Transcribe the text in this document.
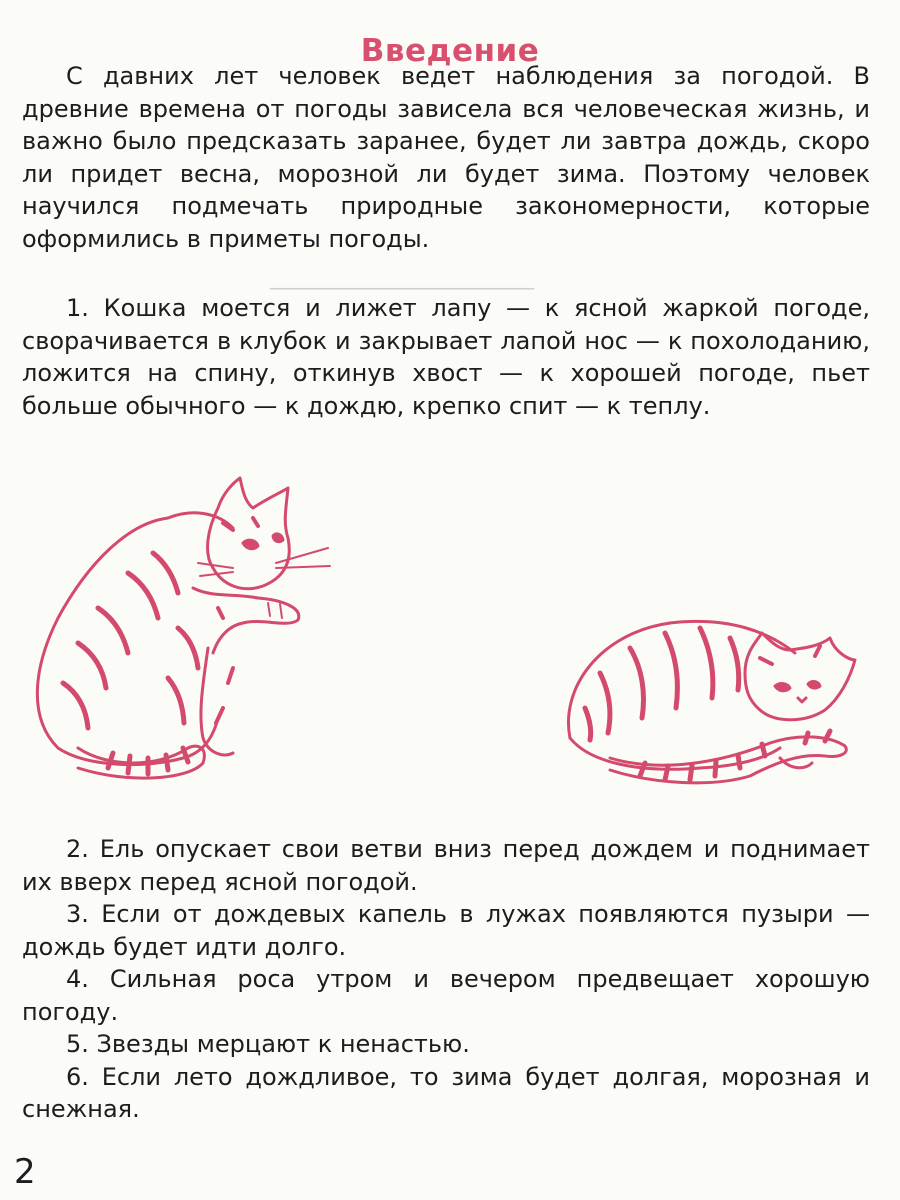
________________________
Введение

С давних лет человек ведет наблюдения за погодой. В древние времена от погоды зависела вся человеческая жизнь, и важно было предсказать заранее, будет ли завтра дождь, скоро ли придет весна, морозной ли будет зима. Поэтому человек научился подмечать природные закономерности, которые оформились в приметы погоды.

1. Кошка моется и лижет лапу — к ясной жаркой погоде, сворачивается в клубок и закрывает лапой нос — к похолоданию, ложится на спину, откинув хвост — к хорошей погоде, пьет больше обычного — к дождю, крепко спит — к теплу.

2. Ель опускает свои ветви вниз перед дождем и поднимает их вверх перед ясной погодой.

3. Если от дождевых капель в лужах появляются пузыри — дождь будет идти долго.

4. Сильная роса утром и вечером предвещает хорошую погоду.

5. Звезды мерцают к ненастью.

6. Если лето дождливое, то зима будет долгая, морозная и снежная.

2
